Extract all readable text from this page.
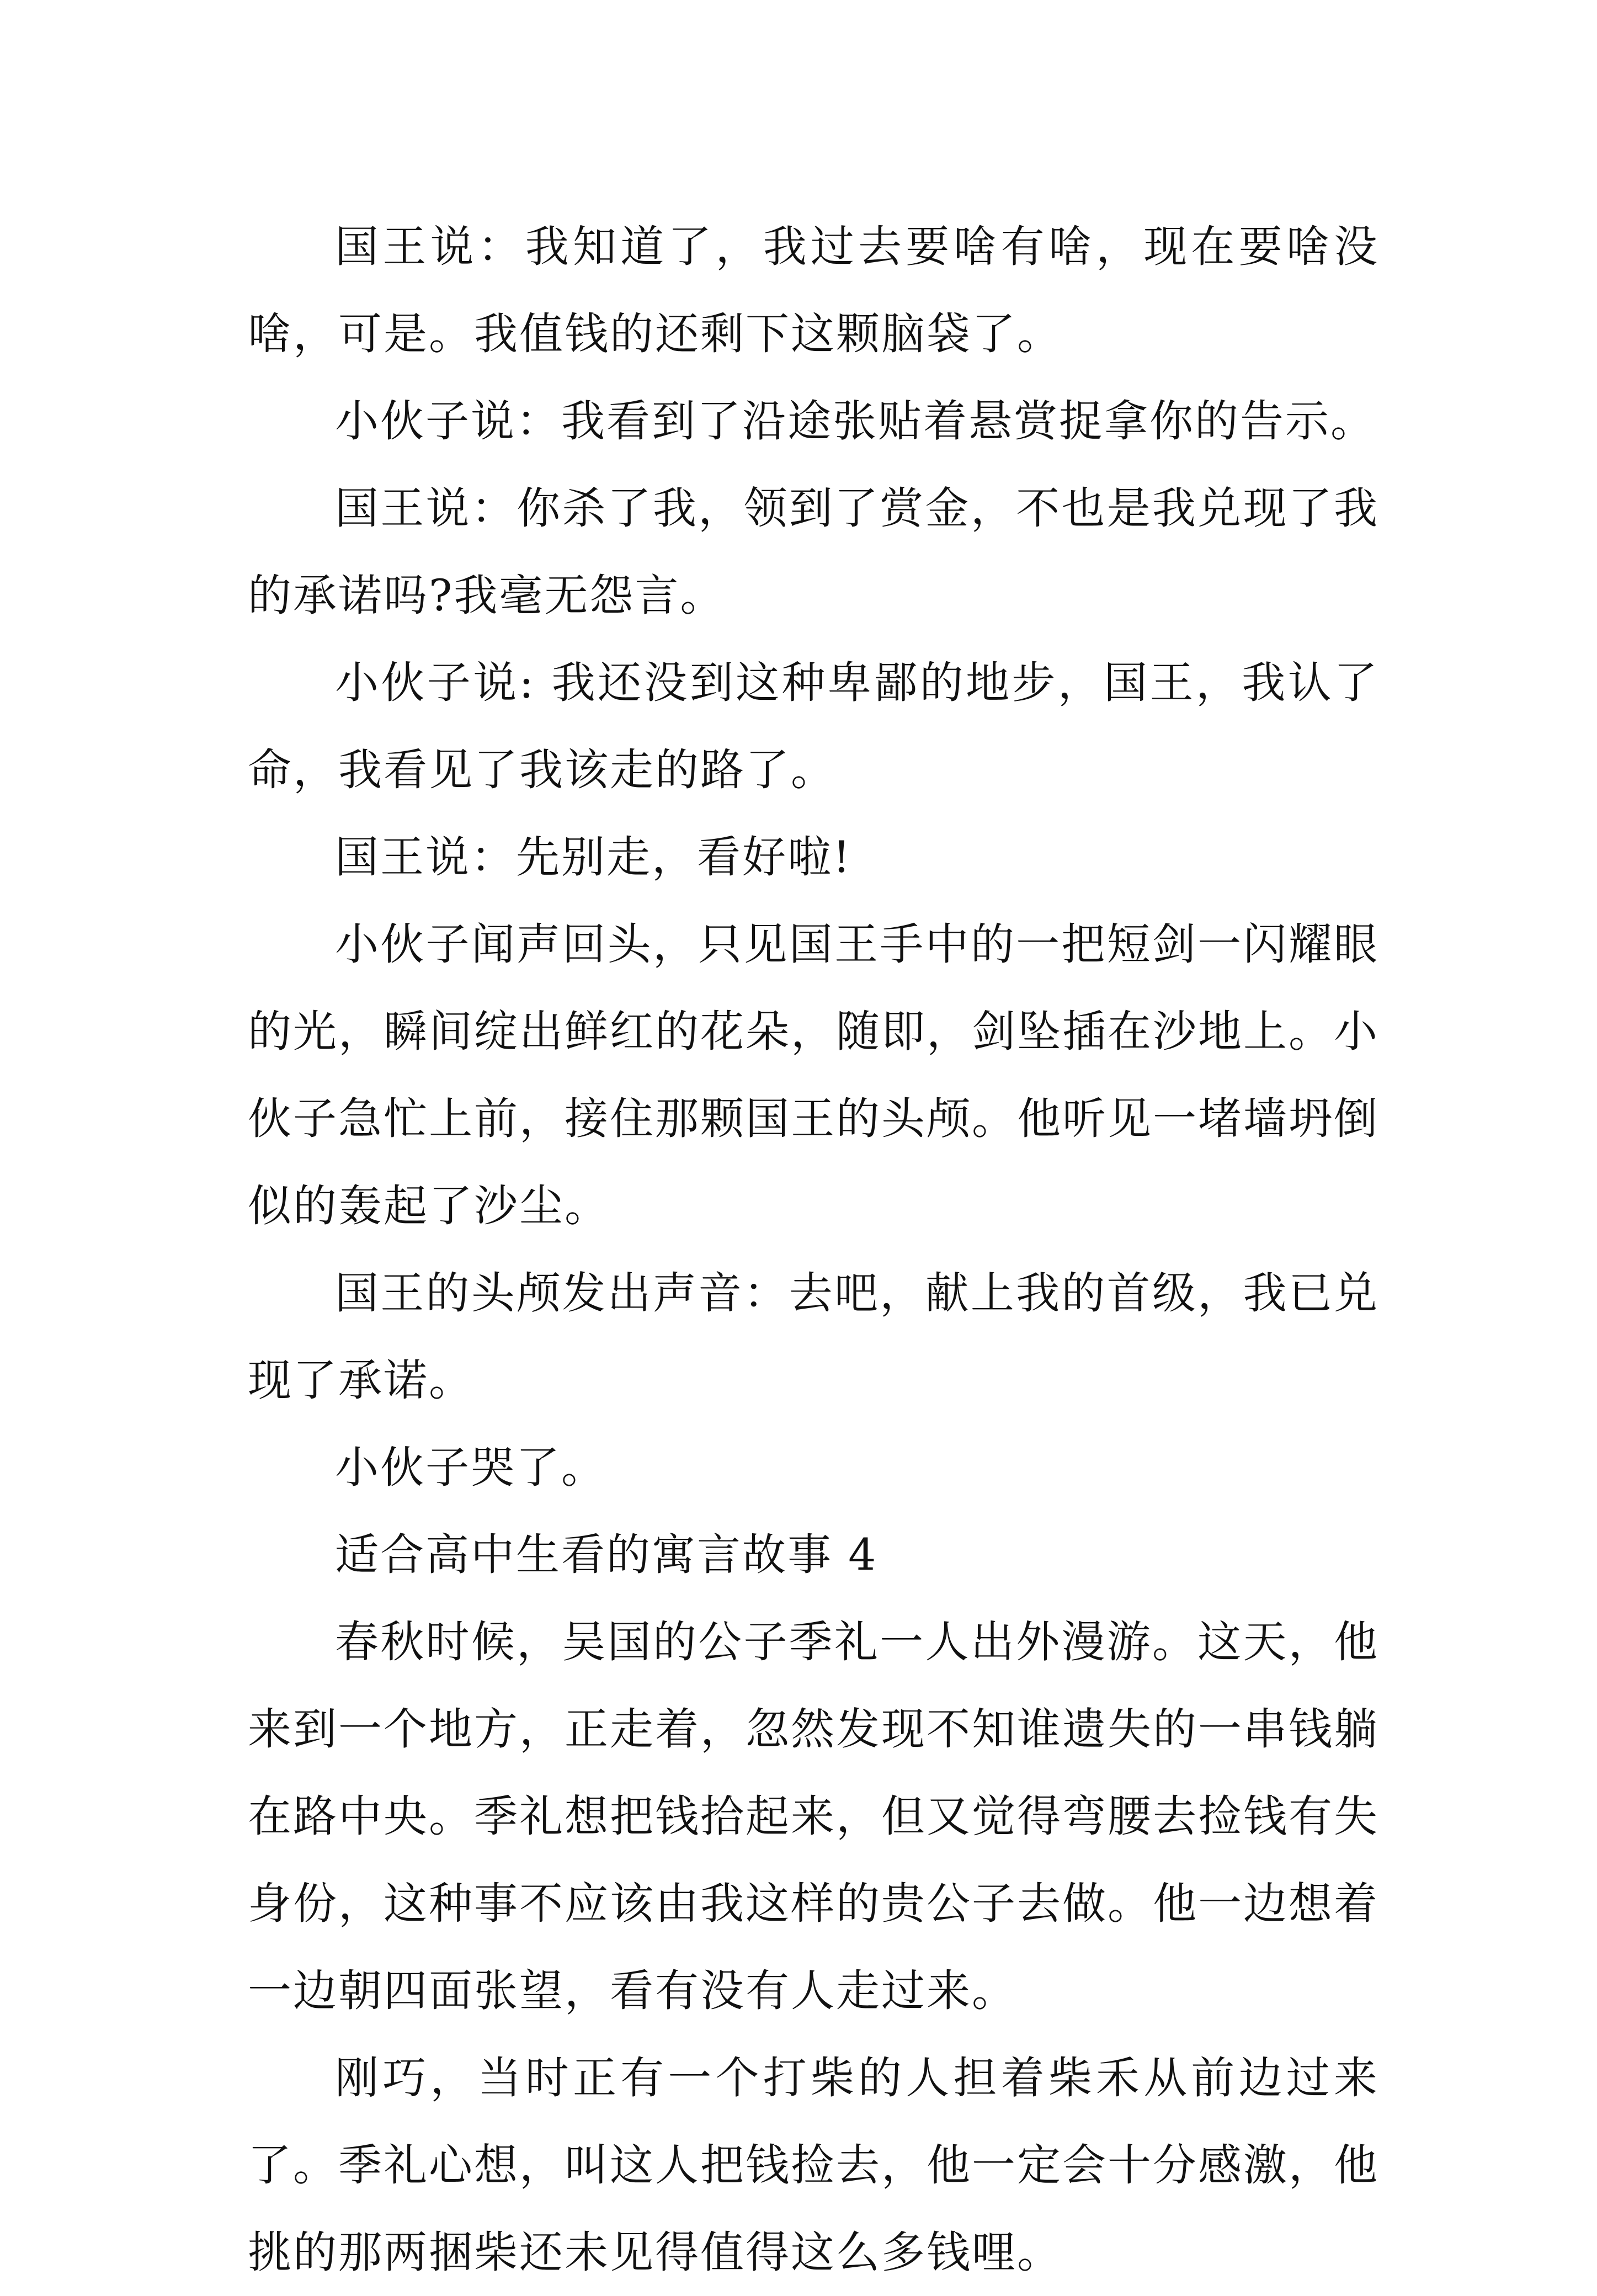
国王说：我知道了，我过去要啥有啥，现在要啥没啥，可是。我值钱的还剩下这颗脑袋了。

小伙子说：我看到了沿途张贴着悬赏捉拿你的告示。

国王说：你杀了我，领到了赏金，不也是我兑现了我的承诺吗?我毫无怨言。

小伙子说: 我还没到这种卑鄙的地步，国王，我认了命，我看见了我该走的路了。

国王说：先别走，看好啦!

小伙子闻声回头，只见国王手中的一把短剑一闪耀眼的光，瞬间绽出鲜红的花朵，随即，剑坠插在沙地上。小伙子急忙上前，接住那颗国王的头颅。他听见一堵墙坍倒似的轰起了沙尘。

国王的头颅发出声音：去吧，献上我的首级，我已兑现了承诺。

小伙子哭了。

适合高中生看的寓言故事 4

春秋时候，吴国的公子季礼一人出外漫游。这天，他来到一个地方，正走着，忽然发现不知谁遗失的一串钱躺在路中央。季礼想把钱拾起来，但又觉得弯腰去捡钱有失身份，这种事不应该由我这样的贵公子去做。他一边想着一边朝四面张望，看有没有人走过来。

刚巧，当时正有一个打柴的人担着柴禾从前边过来了。季礼心想，叫这人把钱捡去，他一定会十分感激，他挑的那两捆柴还未见得值得这么多钱哩。
